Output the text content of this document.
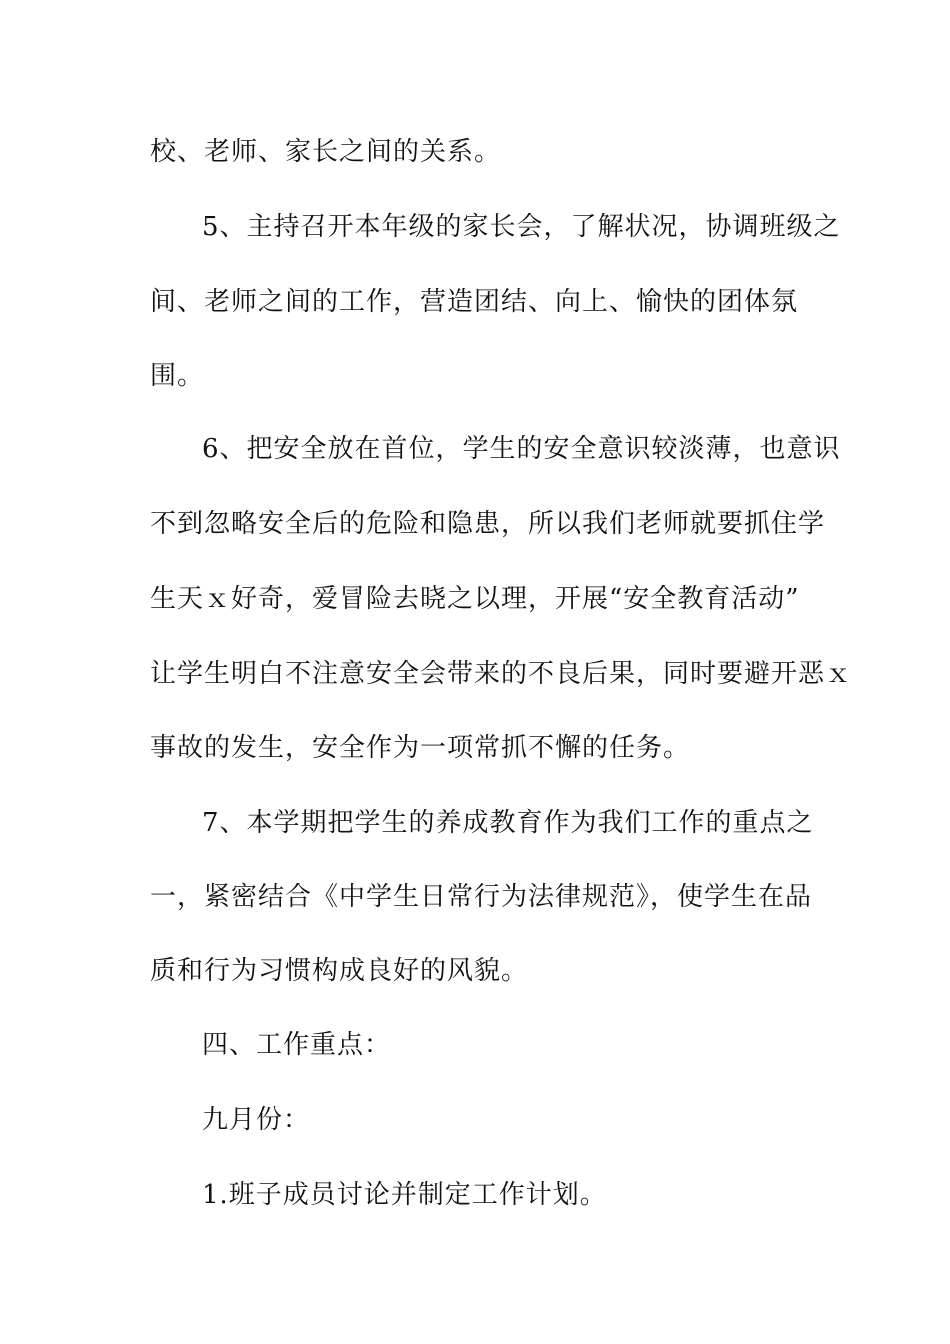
校、老师、家长之间的关系。
5、主持召开本年级的家长会，了解状况，协调班级之
间、老师之间的工作，营造团结、向上、愉快的团体氛
围。
6、把安全放在首位，学生的安全意识较淡薄，也意识
不到忽略安全后的危险和隐患，所以我们老师就要抓住学
生天ｘ好奇，爱冒险去晓之以理，开展“安全教育活动”
让学生明白不注意安全会带来的不良后果，同时要避开恶ｘ
事故的发生，安全作为一项常抓不懈的任务。
7、本学期把学生的养成教育作为我们工作的重点之
一，紧密结合《中学生日常行为法律规范》，使学生在品
质和行为习惯构成良好的风貌。
四、工作重点：
九月份：
1.班子成员讨论并制定工作计划。
